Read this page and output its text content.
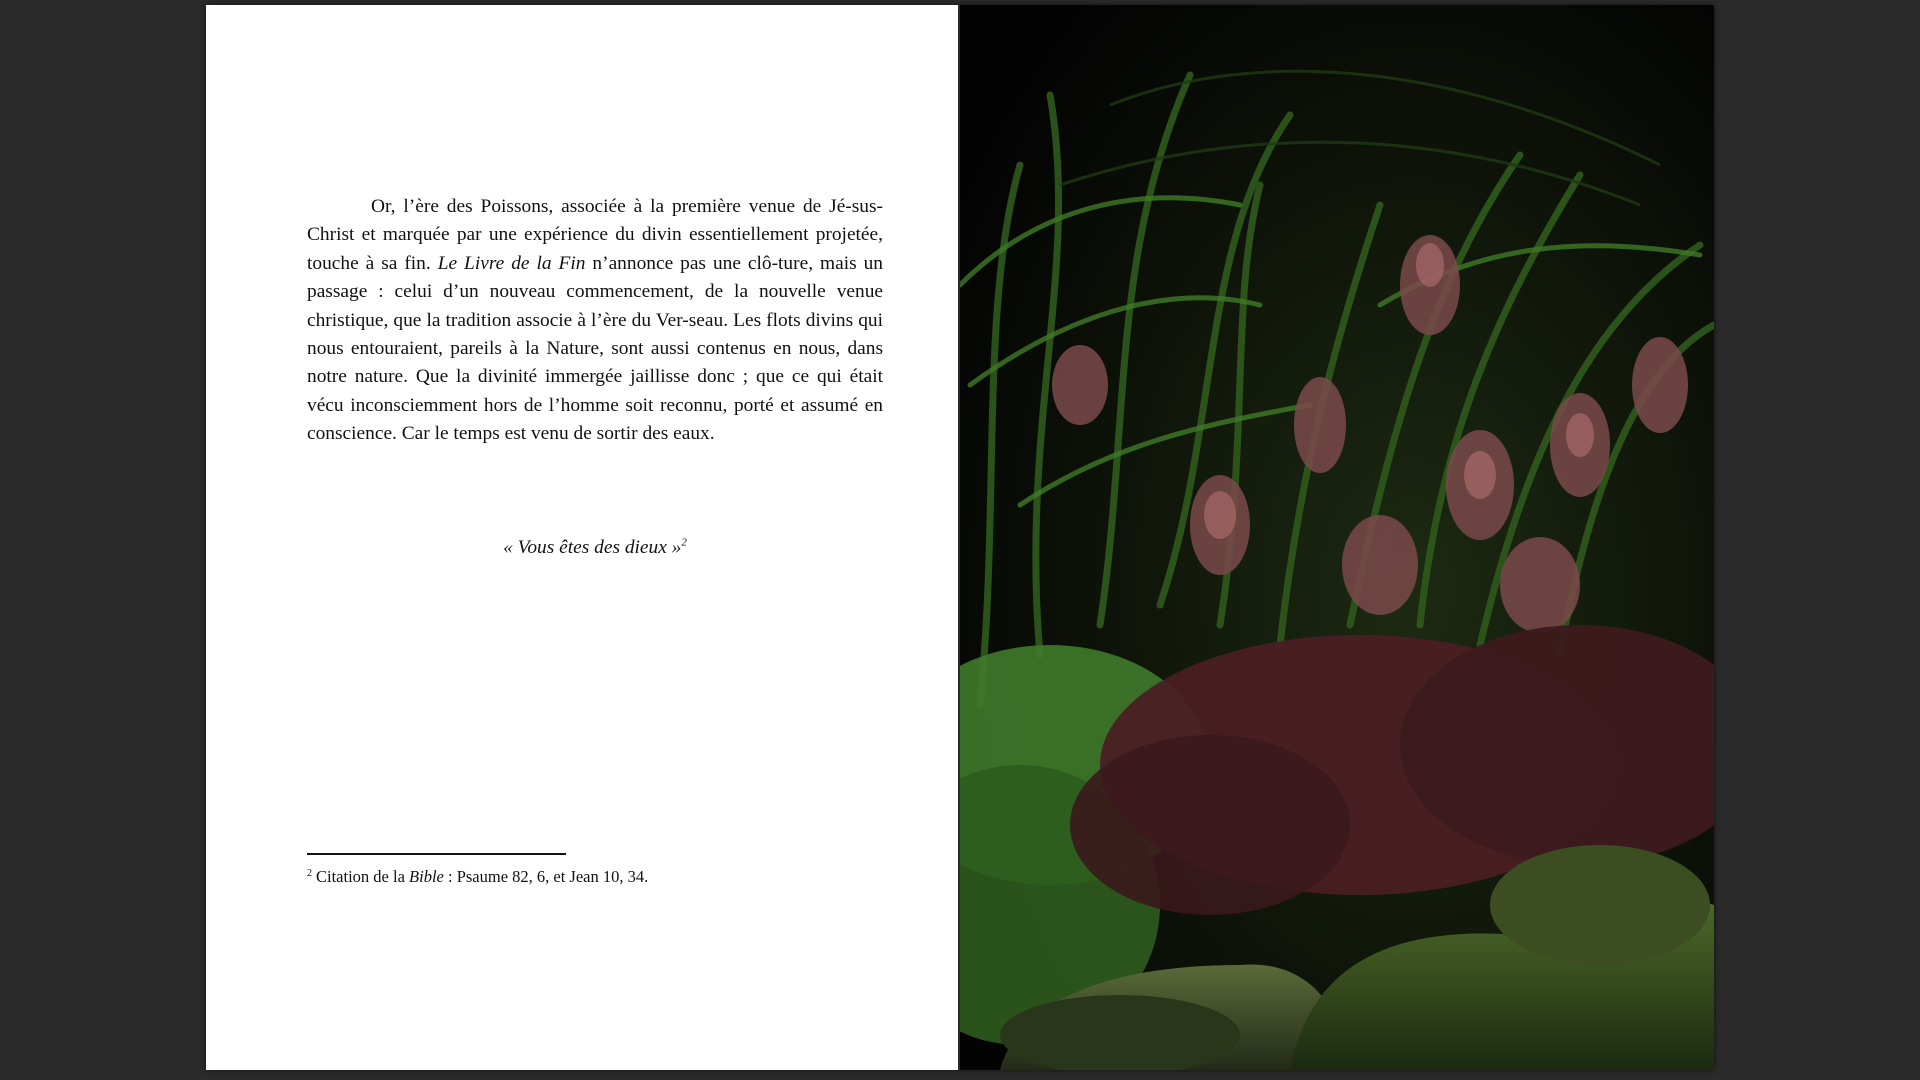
Or, l’ère des Poissons, associée à la première venue de Jé-sus-Christ et marquée par une expérience du divin essentiellement projetée, touche à sa fin. Le Livre de la Fin n’annonce pas une clô-ture, mais un passage : celui d’un nouveau commencement, de la nouvelle venue christique, que la tradition associe à l’ère du Ver-seau. Les flots divins qui nous entouraient, pareils à la Nature, sont aussi contenus en nous, dans notre nature. Que la divinité immergée jaillisse donc ; que ce qui était vécu inconsciemment hors de l’homme soit reconnu, porté et assumé en conscience. Car le temps est venu de sortir des eaux.

« Vous êtes des dieux »$^2$
$^2$ Citation de la Bible : Psaume 82, 6, et Jean 10, 34.
